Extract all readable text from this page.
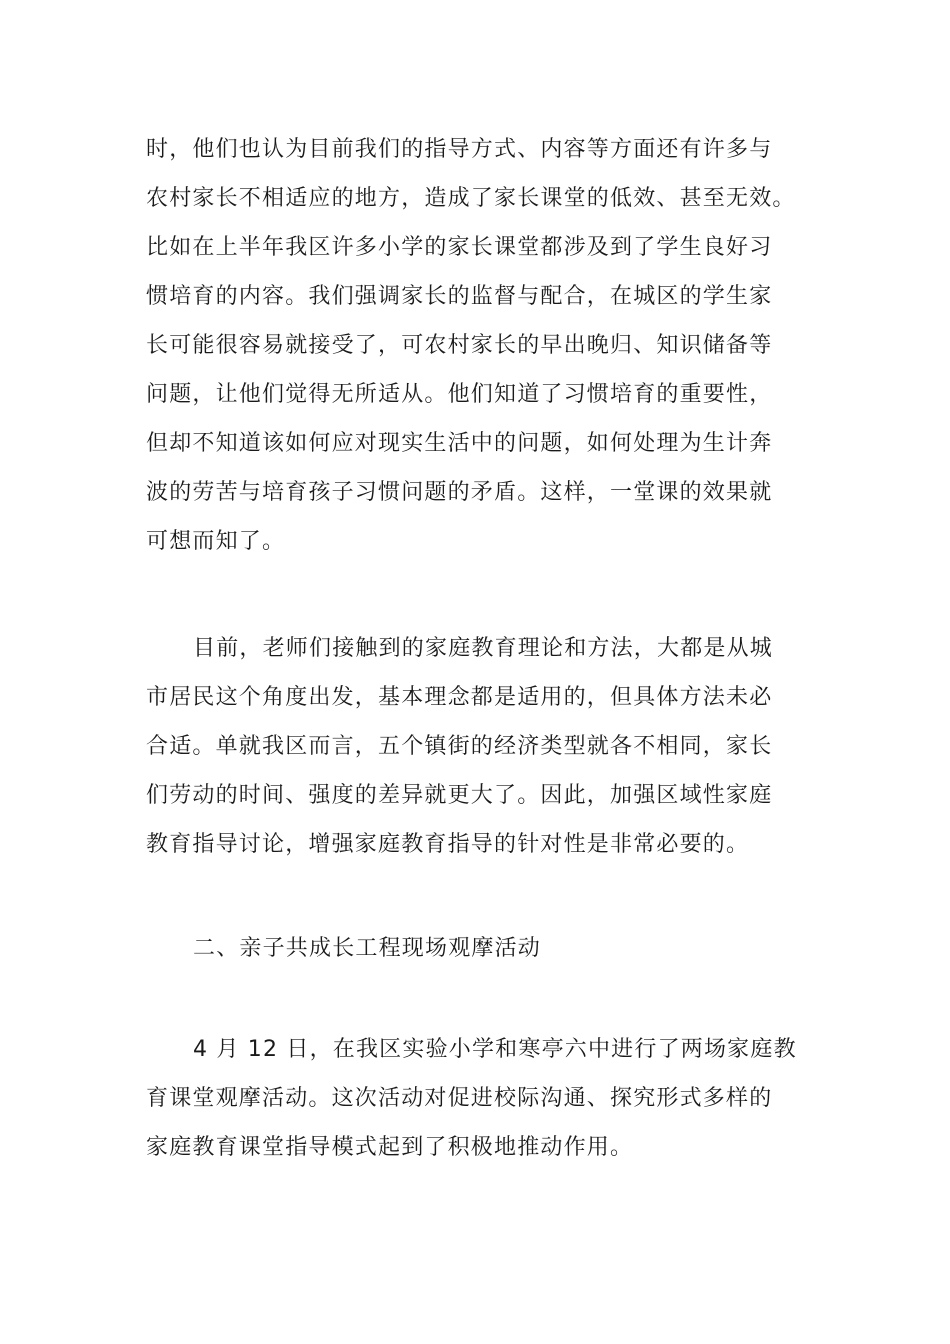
时，他们也认为目前我们的指导方式、内容等方面还有许多与
农村家长不相适应的地方，造成了家长课堂的低效、甚至无效。
比如在上半年我区许多小学的家长课堂都涉及到了学生良好习
惯培育的内容。我们强调家长的监督与配合，在城区的学生家
长可能很容易就接受了，可农村家长的早出晚归、知识储备等
问题，让他们觉得无所适从。他们知道了习惯培育的重要性，
但却不知道该如何应对现实生活中的问题，如何处理为生计奔
波的劳苦与培育孩子习惯问题的矛盾。这样，一堂课的效果就
可想而知了。
目前，老师们接触到的家庭教育理论和方法，大都是从城
市居民这个角度出发，基本理念都是适用的，但具体方法未必
合适。单就我区而言，五个镇街的经济类型就各不相同，家长
们劳动的时间、强度的差异就更大了。因此，加强区域性家庭
教育指导讨论，增强家庭教育指导的针对性是非常必要的。
二、亲子共成长工程现场观摩活动
4 月 12 日，在我区实验小学和寒亭六中进行了两场家庭教
育课堂观摩活动。这次活动对促进校际沟通、探究形式多样的
家庭教育课堂指导模式起到了积极地推动作用。
